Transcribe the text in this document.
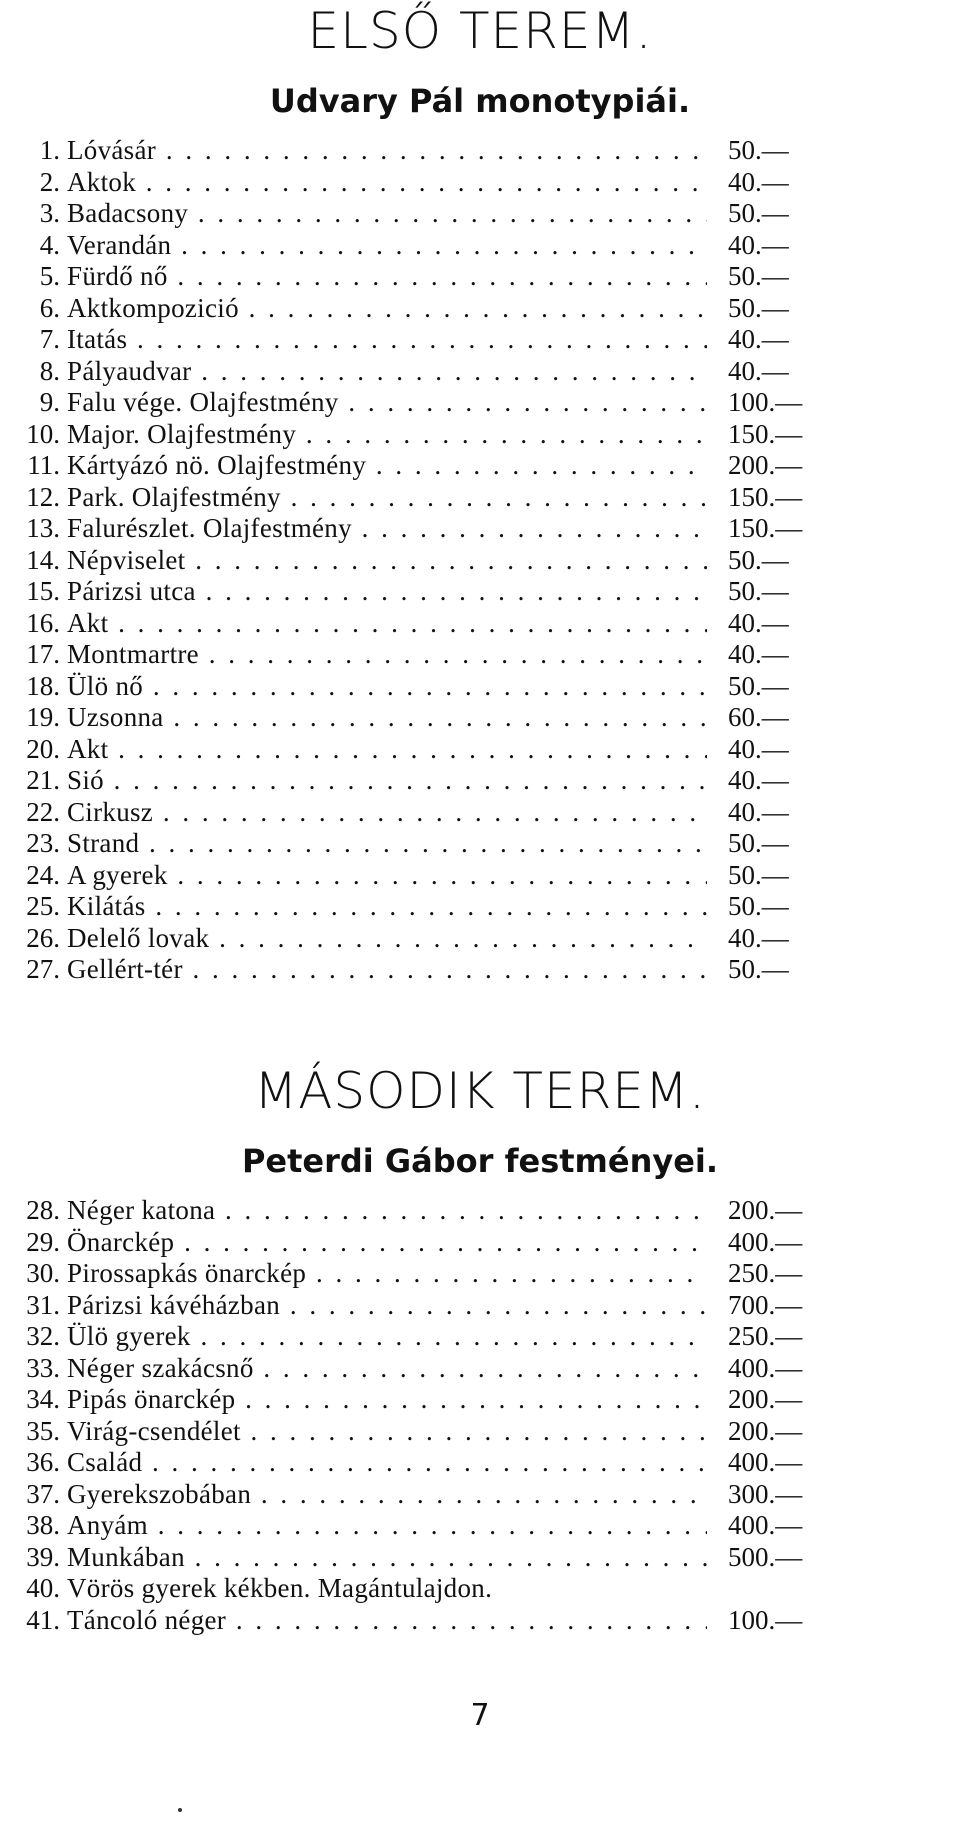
ELSŐ TEREM.
Udvary Pál monotypiái.
1. Lóvásár . . .	50.—
2. Aktok . . .	40.—
3. Badacsony . . .	50.—
4. Verandán . . .	40.—
5. Fürdő nő . . .	50.—
6. Aktkompozició . . .	50.—
7. Itatás . . .	40.—
8. Pályaudvar . . .	40.—
9. Falu vége. Olajfestmény . . .	100.—
10. Major. Olajfestmény . . .	150.—
11. Kártyázó nö. Olajfestmény . . .	200.—
12. Park. Olajfestmény . . .	150.—
13. Falurészlet. Olajfestmény . . .	150.—
14. Népviselet . . .	50.—
15. Párizsi utca . . .	50.—
16. Akt . . .	40.—
17. Montmartre . . .	40.—
18. Ülö nő . . .	50.—
19. Uzsonna . . .	60.—
20. Akt . . .	40.—
21. Sió . . .	40.—
22. Cirkusz . . .	40.—
23. Strand . . .	50.—
24. A gyerek . . .	50.—
25. Kilátás . . .	50.—
26. Delelő lovak . . .	40.—
27. Gellért-tér . . .	50.—
MÁSODIK TEREM.
Peterdi Gábor festményei.
28. Néger katona . . .	200.—
29. Önarckép . . .	400.—
30. Pirossapkás önarckép . . .	250.—
31. Párizsi kávéházban . . .	700.—
32. Ülö gyerek . . .	250.—
33. Néger szakácsnő . . .	400.—
34. Pipás önarckép . . .	200.—
35. Virág-csendélet . . .	200.—
36. Család . . .	400.—
37. Gyerekszobában . . .	300.—
38. Anyám . . .	400.—
39. Munkában . . .	500.—
40. Vörös gyerek kékben. Magántulajdon.
41. Táncoló néger . . .	100.—
7
